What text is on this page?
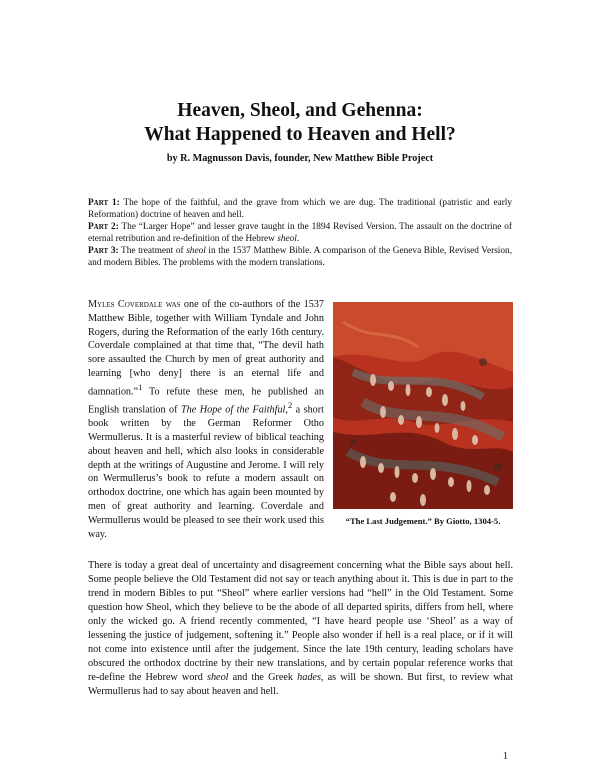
Heaven, Sheol, and Gehenna:
What Happened to Heaven and Hell?
by R. Magnusson Davis, founder, New Matthew Bible Project

Part 1: The hope of the faithful, and the grave from which we are dug. The traditional (patristic and early Reformation) doctrine of heaven and hell.

Part 2: The “Larger Hope” and lesser grave taught in the 1894 Revised Version. The assault on the doctrine of eternal retribution and re-definition of the Hebrew sheol.

Part 3: The treatment of sheol in the 1537 Matthew Bible. A comparison of the Geneva Bible, Revised Version, and modern Bibles. The problems with the modern translations.

Myles Coverdale was one of the co-authors of the 1537 Matthew Bible, together with William Tyndale and John Rogers, during the Reformation of the early 16th century. Coverdale complained at that time that, “The devil hath sore assaulted the Church by men of great authority and learning [who deny] there is an eternal life and damnation.”$^1$ To refute these men, he published an English translation of The Hope of the Faithful,$^2$ a short book written by the German Reformer Otho Wermullerus. It is a masterful review of biblical teaching about heaven and hell, which also looks in considerable depth at the writings of Augustine and Jerome. I will rely on Wermullerus’s book to refute a modern assault on orthodox doctrine, one which has again been mounted by men of great authority and learning. Coverdale and Wermullerus would be pleased to see their work used this way.

“The Last Judgement.” By Giotto, 1304-5.

There is today a great deal of uncertainty and disagreement concerning what the Bible says about hell. Some people believe the Old Testament did not say or teach anything about it. This is due in part to the trend in modern Bibles to put “Sheol” where earlier versions had “hell” in the Old Testament. Some question how Sheol, which they believe to be the abode of all departed spirits, differs from hell, where only the wicked go. A friend recently commented, “I have heard people use ‘Sheol’ as a way of lessening the justice of judgement, softening it.” People also wonder if hell is a real place, or if it will not come into existence until after the judgement. Since the late 19th century, leading scholars have obscured the orthodox doctrine by their new translations, and by certain popular reference works that re-define the Hebrew word sheol and the Greek hades, as will be shown. But first, to review what Wermullerus had to say about heaven and hell.

1
